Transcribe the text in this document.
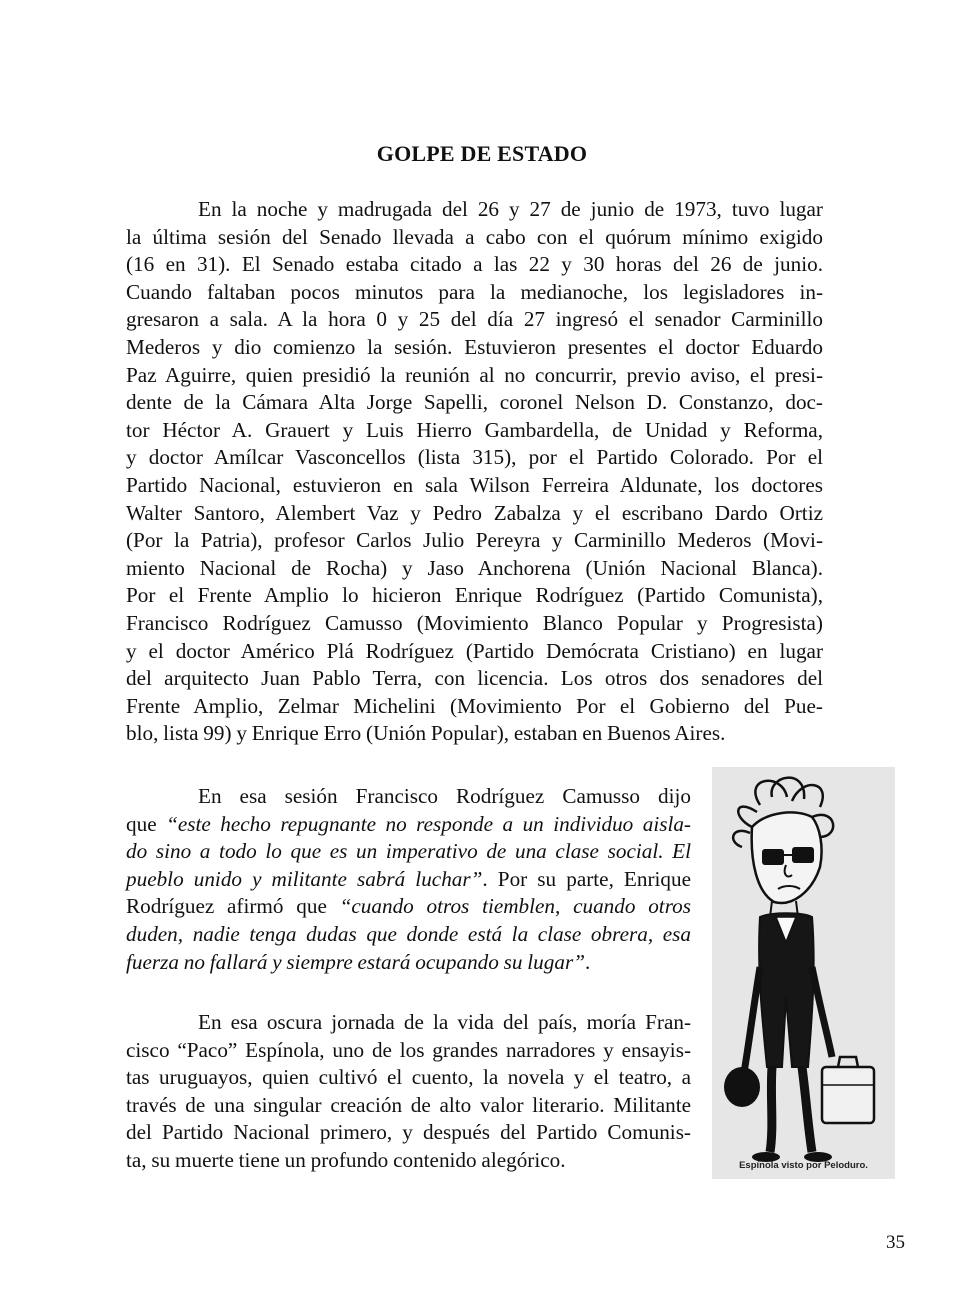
GOLPE DE ESTADO

En la noche y madrugada del 26 y 27 de junio de 1973, tuvo lugar
la última sesión del Senado llevada a cabo con el quórum mínimo exigido
(16 en 31). El Senado estaba citado a las 22 y 30 horas del 26 de junio.
Cuando faltaban pocos minutos para la medianoche, los legisladores in-
gresaron a sala. A la hora 0 y 25 del día 27 ingresó el senador Carminillo
Mederos y dio comienzo la sesión. Estuvieron presentes el doctor Eduardo
Paz Aguirre, quien presidió la reunión al no concurrir, previo aviso, el presi-
dente de la Cámara Alta Jorge Sapelli, coronel Nelson D. Constanzo, doc-
tor Héctor A. Grauert y Luis Hierro Gambardella, de Unidad y Reforma,
y doctor Amílcar Vasconcellos (lista 315), por el Partido Colorado. Por el
Partido Nacional, estuvieron en sala Wilson Ferreira Aldunate, los doctores
Walter Santoro, Alembert Vaz y Pedro Zabalza y el escribano Dardo Ortiz
(Por la Patria), profesor Carlos Julio Pereyra y Carminillo Mederos (Movi-
miento Nacional de Rocha) y Jaso Anchorena (Unión Nacional Blanca).
Por el Frente Amplio lo hicieron Enrique Rodríguez (Partido Comunista),
Francisco Rodríguez Camusso (Movimiento Blanco Popular y Progresista)
y el doctor Américo Plá Rodríguez (Partido Demócrata Cristiano) en lugar
del arquitecto Juan Pablo Terra, con licencia. Los otros dos senadores del
Frente Amplio, Zelmar Michelini (Movimiento Por el Gobierno del Pue-
blo, lista 99) y Enrique Erro (Unión Popular), estaban en Buenos Aires.

En esa sesión Francisco Rodríguez Camusso dijo
que “este hecho repugnante no responde a un individuo aisla-
do sino a todo lo que es un imperativo de una clase social. El
pueblo unido y militante sabrá luchar”. Por su parte, Enrique
Rodríguez afirmó que “cuando otros tiemblen, cuando otros
duden, nadie tenga dudas que donde está la clase obrera, esa
fuerza no fallará y siempre estará ocupando su lugar”.

En esa oscura jornada de la vida del país, moría Fran-
cisco “Paco” Espínola, uno de los grandes narradores y ensayis-
tas uruguayos, quien cultivó el cuento, la novela y el teatro, a
través de una singular creación de alto valor literario. Militante
del Partido Nacional primero, y después del Partido Comunis-
ta, su muerte tiene un profundo contenido alegórico.	Espínola visto por Peloduro.
35
